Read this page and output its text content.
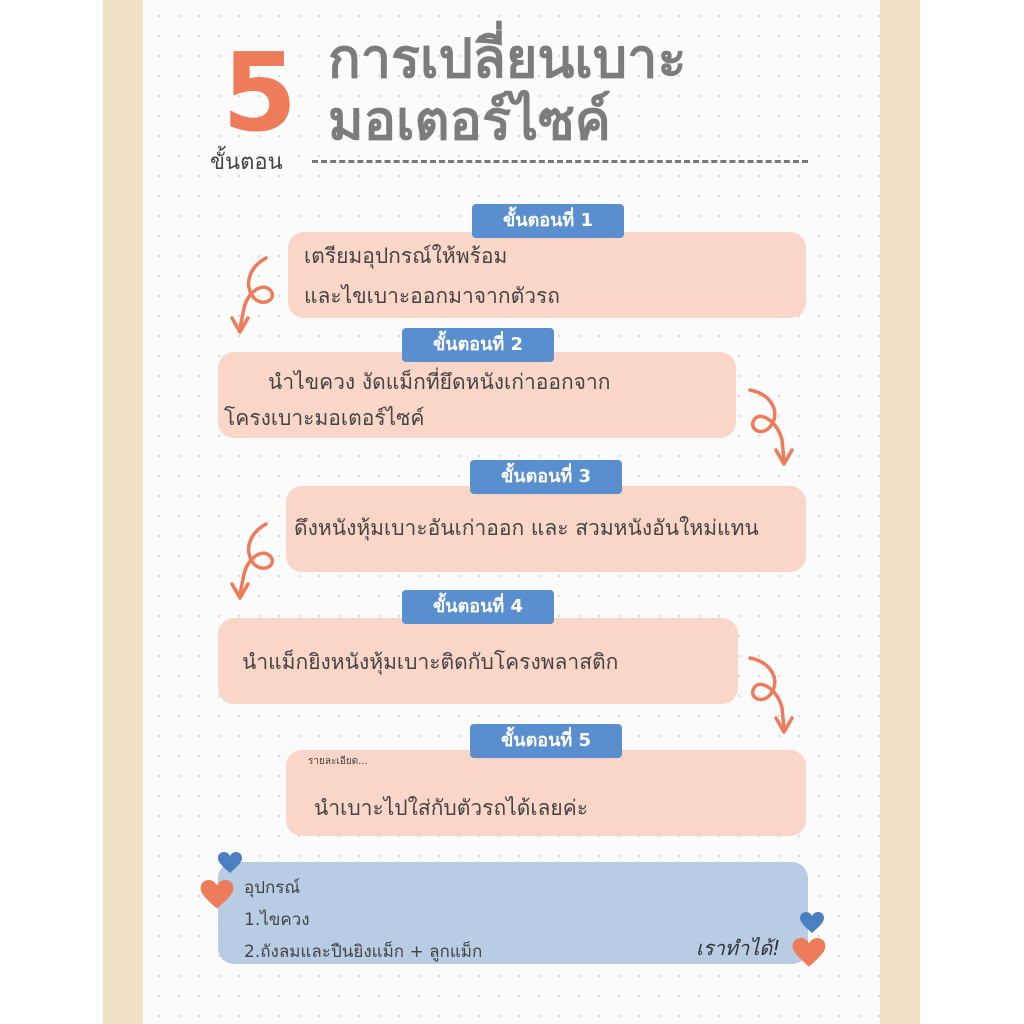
5
ขั้นตอน
การเปลี่ยนเบาะ
มอเตอร์ไซค์
เตรียมอุปกรณ์ให้พร้อม
และไขเบาะออกมาจากตัวรถ
ขั้นตอนที่ 1
นำไขควง งัดแม็กที่ยึดหนังเก่าออกจาก
โครงเบาะมอเตอร์ไซค์
ขั้นตอนที่ 2
ดึงหนังหุ้มเบาะอันเก่าออก และ สวมหนังอันใหม่แทน
ขั้นตอนที่ 3
นำแม็กยิงหนังหุ้มเบาะติดกับโครงพลาสติก
ขั้นตอนที่ 4
รายละเอียด...
นำเบาะไปใส่กับตัวรถได้เลยค่ะ
ขั้นตอนที่ 5
อุปกรณ์
1.ไขควง
2.ถังลมและปืนยิงแม็ก + ลูกแม็ก	เราทำได้!
